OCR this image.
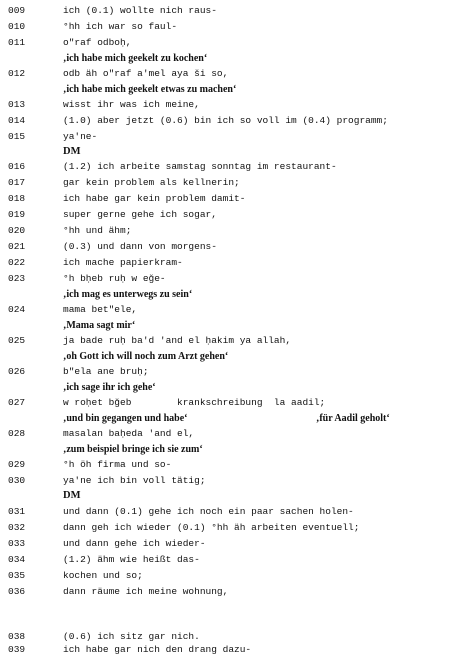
009	ich (0.1) wollte nich raus-
010	°hh ich war so faul-
011	o"raf odboḥ,
‚ich habe mich geekelt zu kochen‘
012	odb äh o"raf a'mel aya ši so,
‚ich habe mich geekelt etwas zu machen‘
013	wisst ihr was ich meine,
014	(1.0) aber jetzt (0.6) bin ich so voll im (0.4) programm;
015	ya'ne-
DM
016	(1.2) ich arbeite samstag sonntag im restaurant-
017	gar kein problem als kellnerin;
018	ich habe gar kein problem damit-
019	super gerne gehe ich sogar,
020	°hh und ähm;
021	(0.3) und dann von morgens-
022	ich mache papierkram-
023	°h bḥeb ruḥ w eğe-
‚ich mag es unterwegs zu sein‘
024	mama bet"ele,
‚Mama sagt mir‘
025	ja bade ruḥ ba'd 'and el ḥakim ya allah,
‚oh Gott ich will noch zum Arzt gehen‘
026	b"ela ane bruḥ;
‚ich sage ihr ich gehe‘
027	w roḥet bğeb        krankschreibung  la aadil;
‚und bin gegangen und habe‘	‚für Aadil geholt‘
028	masalan baḥeda 'and el,
‚zum beispiel bringe ich sie zum‘
029	°h öh firma und so-
030	ya'ne ich bin voll tätig;
DM
031	und dann (0.1) gehe ich noch ein paar sachen holen-
032	dann geh ich wieder (0.1) °hh äh arbeiten eventuell;
033	und dann gehe ich wieder-
034	(1.2) ähm wie heißt das-
035	kochen und so;
036	dann räume ich meine wohnung,
038	(0.6) ich sitz gar nich.
039	ich habe gar nich den drang dazu-
